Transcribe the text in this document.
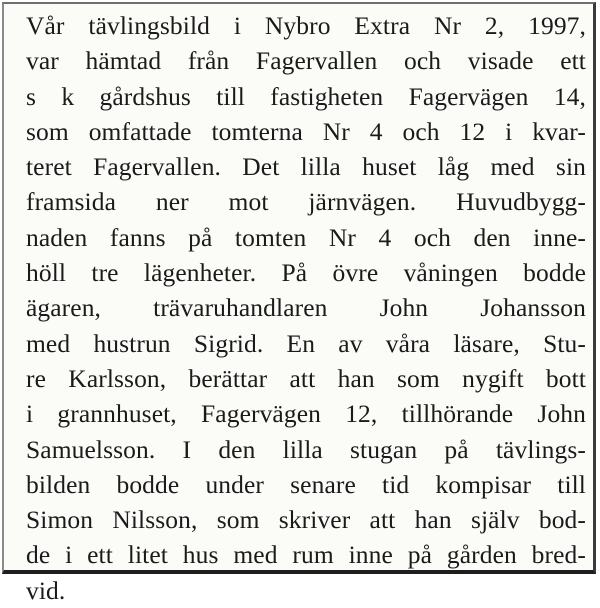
Vår tävlingsbild i Nybro Extra Nr 2, 1997,
var hämtad från Fagervallen och visade ett
s k gårdshus till fastigheten Fagervägen 14,
som omfattade tomterna Nr 4 och 12 i kvar-
teret Fagervallen. Det lilla huset låg med sin
framsida ner mot järnvägen. Huvudbygg-
naden fanns på tomten Nr 4 och den inne-
höll tre lägenheter. På övre våningen bodde
ägaren, trävaruhandlaren John Johansson
med hustrun Sigrid. En av våra läsare, Stu-
re Karlsson, berättar att han som nygift bott
i grannhuset, Fagervägen 12, tillhörande John
Samuelsson. I den lilla stugan på tävlings-
bilden bodde under senare tid kompisar till
Simon Nilsson, som skriver att han själv bod-
de i ett litet hus med rum inne på gården bred-
vid.
